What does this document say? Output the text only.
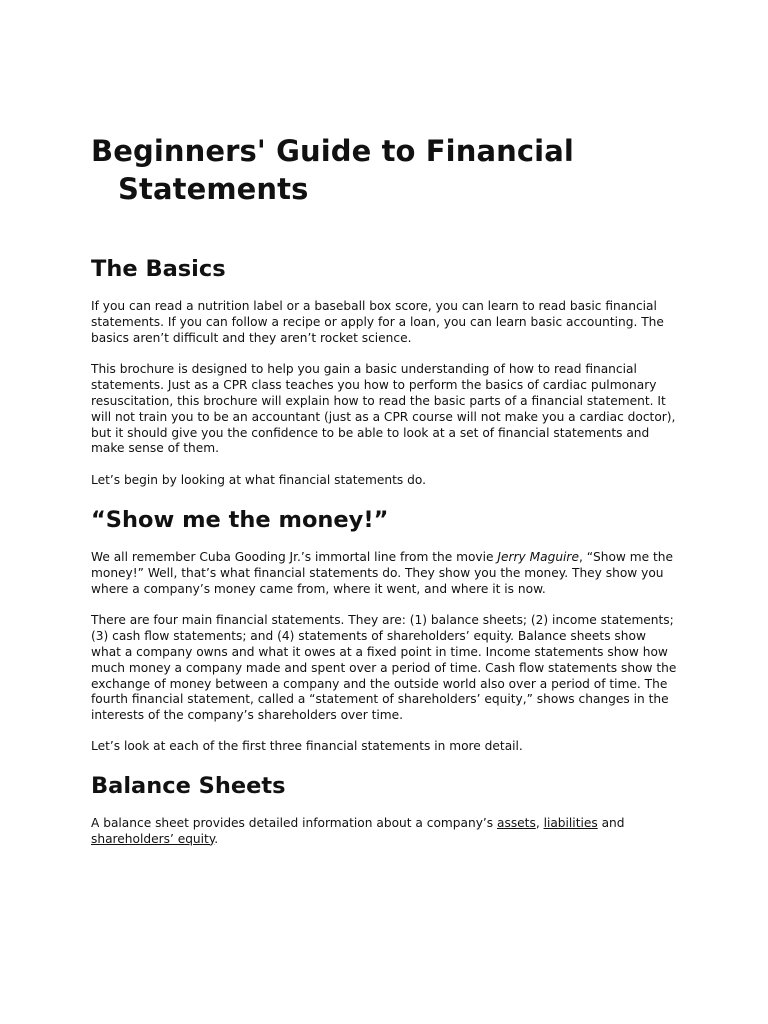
Beginners' Guide to Financial Statements
The Basics

If you can read a nutrition label or a baseball box score, you can learn to read basic financial statements. If you can follow a recipe or apply for a loan, you can learn basic accounting. The basics aren’t difficult and they aren’t rocket science.

This brochure is designed to help you gain a basic understanding of how to read financial statements. Just as a CPR class teaches you how to perform the basics of cardiac pulmonary resuscitation, this brochure will explain how to read the basic parts of a financial statement. It will not train you to be an accountant (just as a CPR course will not make you a cardiac doctor), but it should give you the confidence to be able to look at a set of financial statements and make sense of them.

Let’s begin by looking at what financial statements do.

“Show me the money!”

We all remember Cuba Gooding Jr.’s immortal line from the movie Jerry Maguire, “Show me the money!” Well, that’s what financial statements do. They show you the money. They show you where a company’s money came from, where it went, and where it is now.

There are four main financial statements. They are: (1) balance sheets; (2) income statements; (3) cash flow statements; and (4) statements of shareholders’ equity. Balance sheets show what a company owns and what it owes at a fixed point in time. Income statements show how much money a company made and spent over a period of time. Cash flow statements show the exchange of money between a company and the outside world also over a period of time. The fourth financial statement, called a “statement of shareholders’ equity,” shows changes in the interests of the company’s shareholders over time.

Let’s look at each of the first three financial statements in more detail.

Balance Sheets

A balance sheet provides detailed information about a company’s assets, liabilities and shareholders’ equity.
